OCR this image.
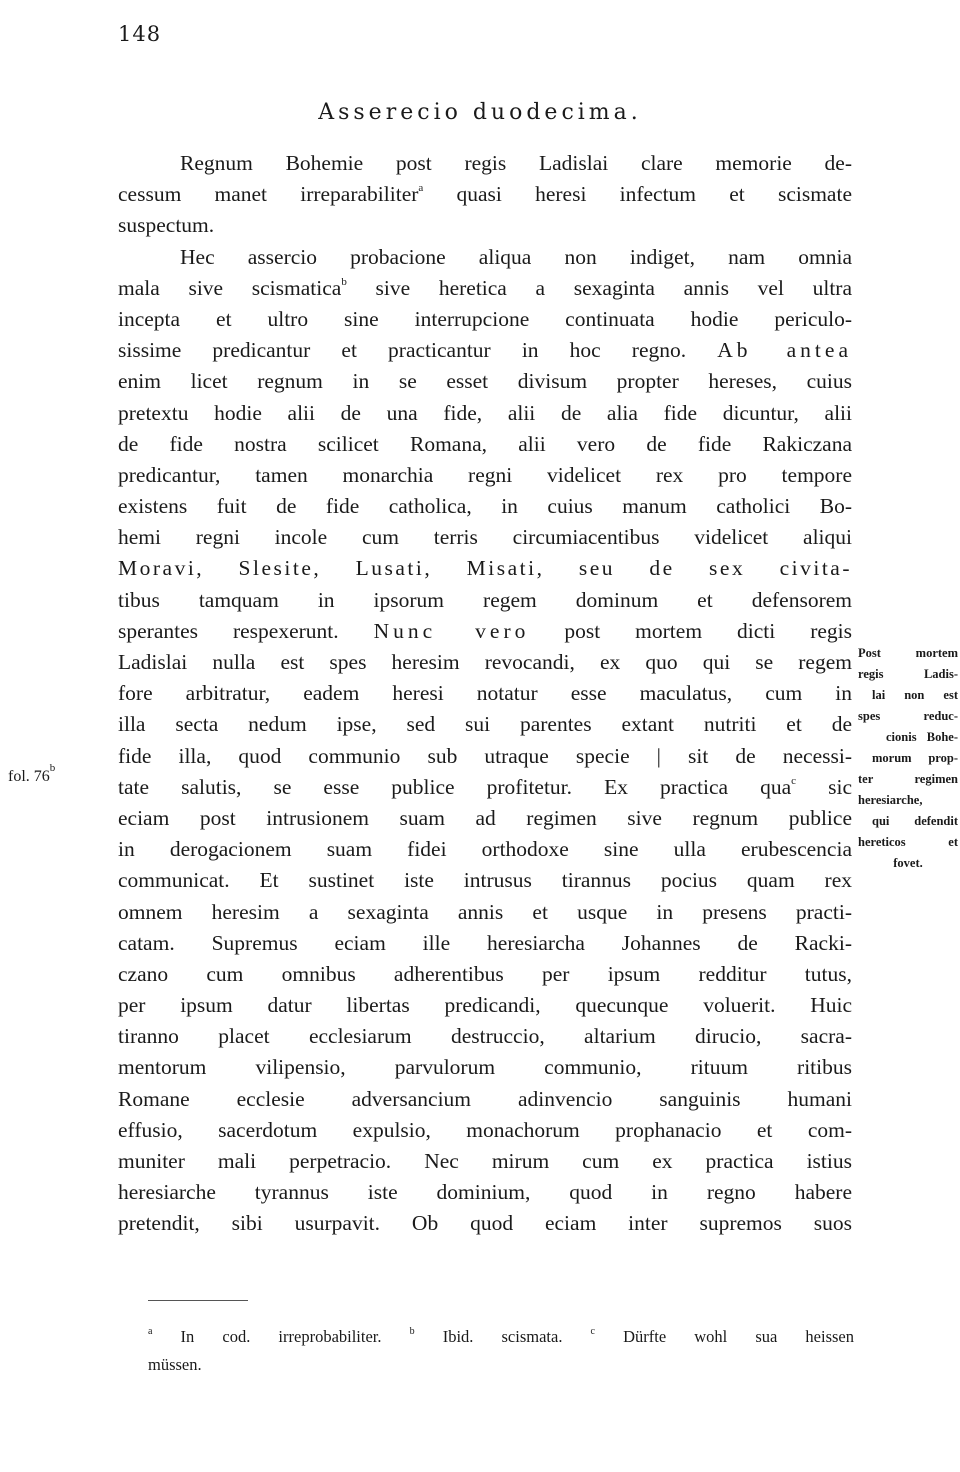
148
Asserecio duodecima.
Regnum Bohemie post regis Ladislai clare memorie de-
cessum manet irreparabiliter$^a$ quasi heresi infectum et scismate
suspectum.
Hec assercio probacione aliqua non indiget, nam omnia
mala sive scismatica$^b$ sive heretica a sexaginta annis vel ultra
incepta et ultro sine interrupcione continuata hodie periculo-
sissime predicantur et practicantur in hoc regno. Ab antea
enim licet regnum in se esset divisum propter hereses, cuius
pretextu hodie alii de una fide, alii de alia fide dicuntur, alii
de fide nostra scilicet Romana, alii vero de fide Rakiczana
predicantur, tamen monarchia regni videlicet rex pro tempore
existens fuit de fide catholica, in cuius manum catholici Bo-
hemi regni incole cum terris circumiacentibus videlicet aliqui
Moravi, Slesite, Lusati, Misati, seu de sex civita-
tibus tamquam in ipsorum regem dominum et defensorem
sperantes respexerunt. Nunc vero post mortem dicti regis
Ladislai nulla est spes heresim revocandi, ex quo qui se regem
fore arbitratur, eadem heresi notatur esse maculatus, cum in
illa secta nedum ipse, sed sui parentes extant nutriti et de
fide illa, quod communio sub utraque specie | sit de necessi-
tate salutis, se esse publice profitetur. Ex practica qua$^c$ sic
eciam post intrusionem suam ad regimen sive regnum publice
in derogacionem suam fidei orthodoxe sine ulla erubescencia
communicat. Et sustinet iste intrusus tirannus pocius quam rex
omnem heresim a sexaginta annis et usque in presens practi-
catam. Supremus eciam ille heresiarcha Johannes de Racki-
czano cum omnibus adherentibus per ipsum redditur tutus,
per ipsum datur libertas predicandi, quecunque voluerit. Huic
tiranno placet ecclesiarum destruccio, altarium dirucio, sacra-
mentorum vilipensio, parvulorum communio, rituum ritibus
Romane ecclesie adversancium adinvencio sanguinis humani
effusio, sacerdotum expulsio, monachorum prophanacio et com-
muniter mali perpetracio. Nec mirum cum ex practica istius
heresiarche tyrannus iste dominium, quod in regno habere
pretendit, sibi usurpavit. Ob quod eciam inter supremos suos
Post mortem
regis Ladis-
lai non est
spes reduc-
cionis Bohe-
morum prop-
ter regimen
heresiarche,
qui defendit
hereticos et
fovet.
fol. 76$^b$
$^a$ In cod. irreprobabiliter.	$^b$ Ibid. scismata.	$^c$ Dürfte wohl sua heissen
müssen.
